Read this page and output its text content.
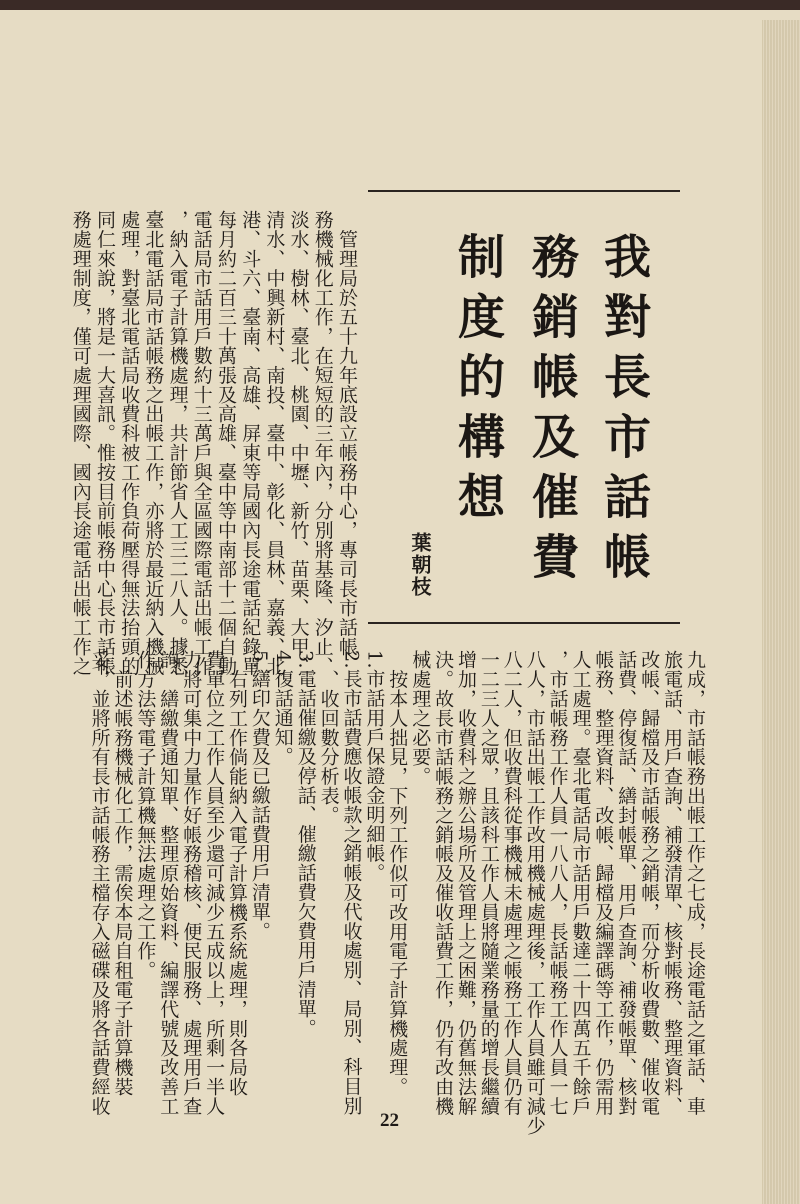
我對長市話帳
務銷帳及催費
制度的構想
葉朝枝
　管理局於五十九年底設立帳務中心，專司長市話帳
務機械化工作，在短短的三年內，分別將基隆、汐止、
淡水、樹林、臺北、桃園、中壢、新竹、苗栗、大甲、
清水、中興新村、南投、臺中、彰化、員林、嘉義、北
港、斗六、臺南、高雄、屏東等局國內長途電話紀錄單
每月約二百三十萬張及高雄、臺中等中南部十二個自動
電話局市話用戶數約十三萬戶與全區國際電話出帳工作
，納入電子計算機處理，共計節省人工三二八人。據悉
臺北電話局市話帳務之出帳工作，亦將於最近納入機械
處理，對臺北電話局收費科被工作負荷壓得無法抬頭的
同仁來說，將是一大喜訊。惟按目前帳務中心長市話帳
務處理制度，僅可處理國際、國內長途電話出帳工作之
九成，市話帳務出帳工作之七成，長途電話之軍話、車
旅電話、用戶查詢、補發清單、核對帳務、整理資料、
改帳、歸檔及市話帳務之銷帳，而分析收費數、催收電
話費、停復話、繕封帳單、用戶查詢、補發帳單、核對
帳務、整理資料、改帳、歸檔及編譯碼等工作，仍需用
人工處理。臺北電話局市話用戶數達二十四萬五千餘戶
，市話帳務工作人員一八八人，長話帳務工作人員一七
八人，市話出帳工作改用機械處理後，工作人員雖可減少
八二人，但收費科從事機械未處理之帳務工作人員仍有
一二三人之眾，且該科工作人員將隨業務量的增長繼續
增加，收費科之辦公場所及管理上之困難，仍舊無法解
決。故長市話帳務之銷帳及催收話費工作，仍有改由機
械處理之必要。
　按本人拙見，下列工作似可改用電子計算機處理。
1.市話用戶保證金明細帳。
2.長市話費應收帳款之銷帳及代收處別、局別、科目別
　、收回數分析表。
3.電話催繳及停話、催繳話費欠費用戶清單。
4.復話通知。
5.繕印欠費及已繳話費用戶清單。
　右列工作倘能納入電子計算機系統處理，則各局收
費單位之工作人員至少還可減少五成以上，所剩一半人
力將可集中力量作好帳務稽核、便民服務、處理用戶查
詢、繕繳費通知單、整理原始資料、編譯代號及改善工
作方法等電子計算機無法處理之工作。
　前述帳務機械化工作，需俟本局自租電子計算機裝
妥，並將所有長市話帳務主檔存入磁碟及將各話費經收
22
